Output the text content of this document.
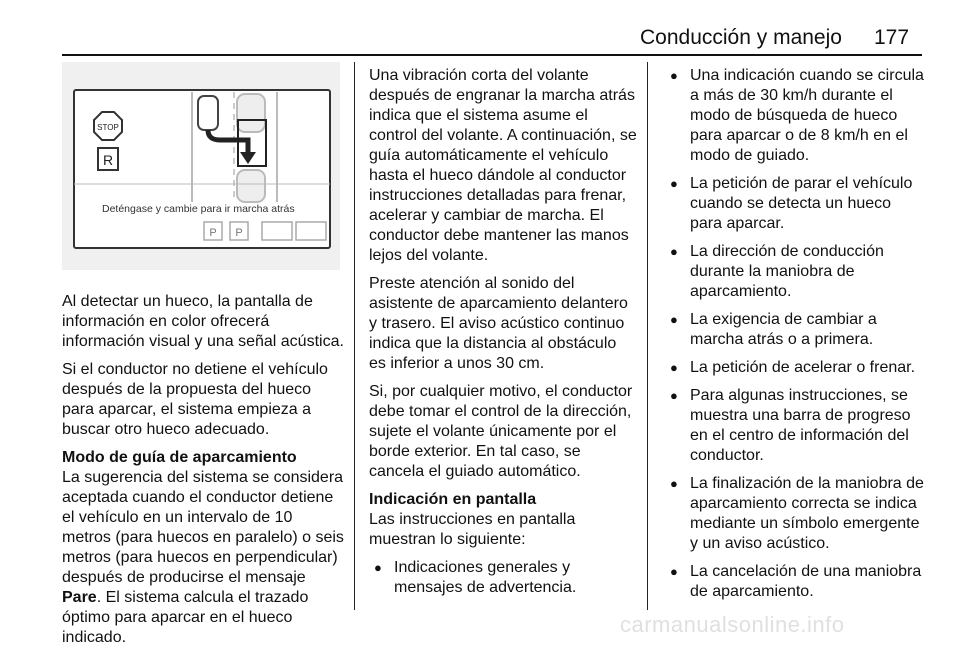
Conducción y manejo 177
STOP
R
Deténgase y cambie para ir marcha atrás
P P

Al detectar un hueco, la pantalla de información en color ofrecerá información visual y una señal acústica.

Si el conductor no detiene el vehículo después de la propuesta del hueco para aparcar, el sistema empieza a buscar otro hueco adecuado.

Modo de guía de aparcamiento
La sugerencia del sistema se considera aceptada cuando el conductor detiene el vehículo en un intervalo de 10 metros (para huecos en paralelo) o seis metros (para huecos en perpendicular) después de producirse el mensaje Pare. El sistema calcula el trazado óptimo para aparcar en el hueco indicado.

Una vibración corta del volante después de engranar la marcha atrás indica que el sistema asume el control del volante. A continuación, se guía automáticamente el vehículo hasta el hueco dándole al conductor instrucciones detalladas para frenar, acelerar y cambiar de marcha. El conductor debe mantener las manos lejos del volante.

Preste atención al sonido del asistente de aparcamiento delantero y trasero. El aviso acústico continuo indica que la distancia al obstáculo es inferior a unos 30 cm.

Si, por cualquier motivo, el conductor debe tomar el control de la dirección, sujete el volante únicamente por el borde exterior. En tal caso, se cancela el guiado automático.

Indicación en pantalla
Las instrucciones en pantalla muestran lo siguiente:

● Indicaciones generales y mensajes de advertencia.
● Una indicación cuando se circula a más de 30 km/h durante el modo de búsqueda de hueco para aparcar o de 8 km/h en el modo de guiado.
● La petición de parar el vehículo cuando se detecta un hueco para aparcar.
● La dirección de conducción durante la maniobra de aparcamiento.
● La exigencia de cambiar a marcha atrás o a primera.
● La petición de acelerar o frenar.
● Para algunas instrucciones, se muestra una barra de progreso en el centro de información del conductor.
● La finalización de la maniobra de aparcamiento correcta se indica mediante un símbolo emergente y un aviso acústico.
● La cancelación de una maniobra de aparcamiento.
carmanualsonline.info
